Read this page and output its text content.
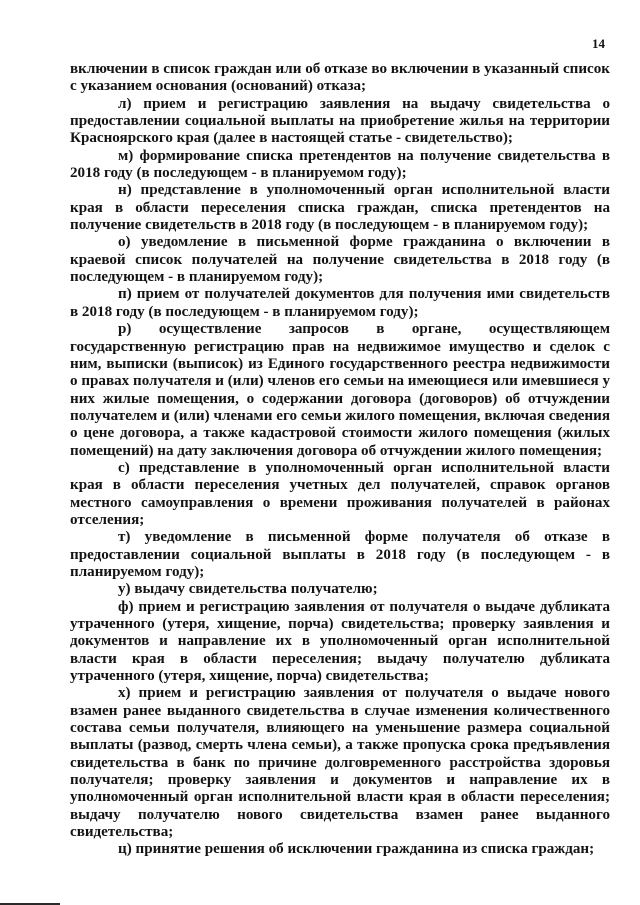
14

включении в список граждан или об отказе во включении в указанный список с указанием основания (оснований) отказа;

л) прием и регистрацию заявления на выдачу свидетельства о предоставлении социальной выплаты на приобретение жилья на территории Красноярского края (далее в настоящей статье - свидетельство);

м) формирование списка претендентов на получение свидетельства в 2018 году (в последующем - в планируемом году);

н) представление в уполномоченный орган исполнительной власти края в области переселения списка граждан, списка претендентов на получение свидетельств в 2018 году (в последующем - в планируемом году);

о) уведомление в письменной форме гражданина о включении в краевой список получателей на получение свидетельства в 2018 году (в последующем - в планируемом году);

п) прием от получателей документов для получения ими свидетельств в 2018 году (в последующем - в планируемом году);

р) осуществление запросов в органе, осуществляющем государственную регистрацию прав на недвижимое имущество и сделок с ним, выписки (выписок) из Единого государственного реестра недвижимости о правах получателя и (или) членов его семьи на имеющиеся или имевшиеся у них жилые помещения, о содержании договора (договоров) об отчуждении получателем и (или) членами его семьи жилого помещения, включая сведения о цене договора, а также кадастровой стоимости жилого помещения (жилых помещений) на дату заключения договора об отчуждении жилого помещения;

с) представление в уполномоченный орган исполнительной власти края в области переселения учетных дел получателей, справок органов местного самоуправления о времени проживания получателей в районах отселения;

т) уведомление в письменной форме получателя об отказе в предоставлении социальной выплаты в 2018 году (в последующем - в планируемом году);

у) выдачу свидетельства получателю;

ф) прием и регистрацию заявления от получателя о выдаче дубликата утраченного (утеря, хищение, порча) свидетельства; проверку заявления и документов и направление их в уполномоченный орган исполнительной власти края в области переселения; выдачу получателю дубликата утраченного (утеря, хищение, порча) свидетельства;

х) прием и регистрацию заявления от получателя о выдаче нового взамен ранее выданного свидетельства в случае изменения количественного состава семьи получателя, влияющего на уменьшение размера социальной выплаты (развод, смерть члена семьи), а также пропуска срока предъявления свидетельства в банк по причине долговременного расстройства здоровья получателя; проверку заявления и документов и направление их в уполномоченный орган исполнительной власти края в области переселения; выдачу получателю нового свидетельства взамен ранее выданного свидетельства;

ц) принятие решения об исключении гражданина из списка граждан;
